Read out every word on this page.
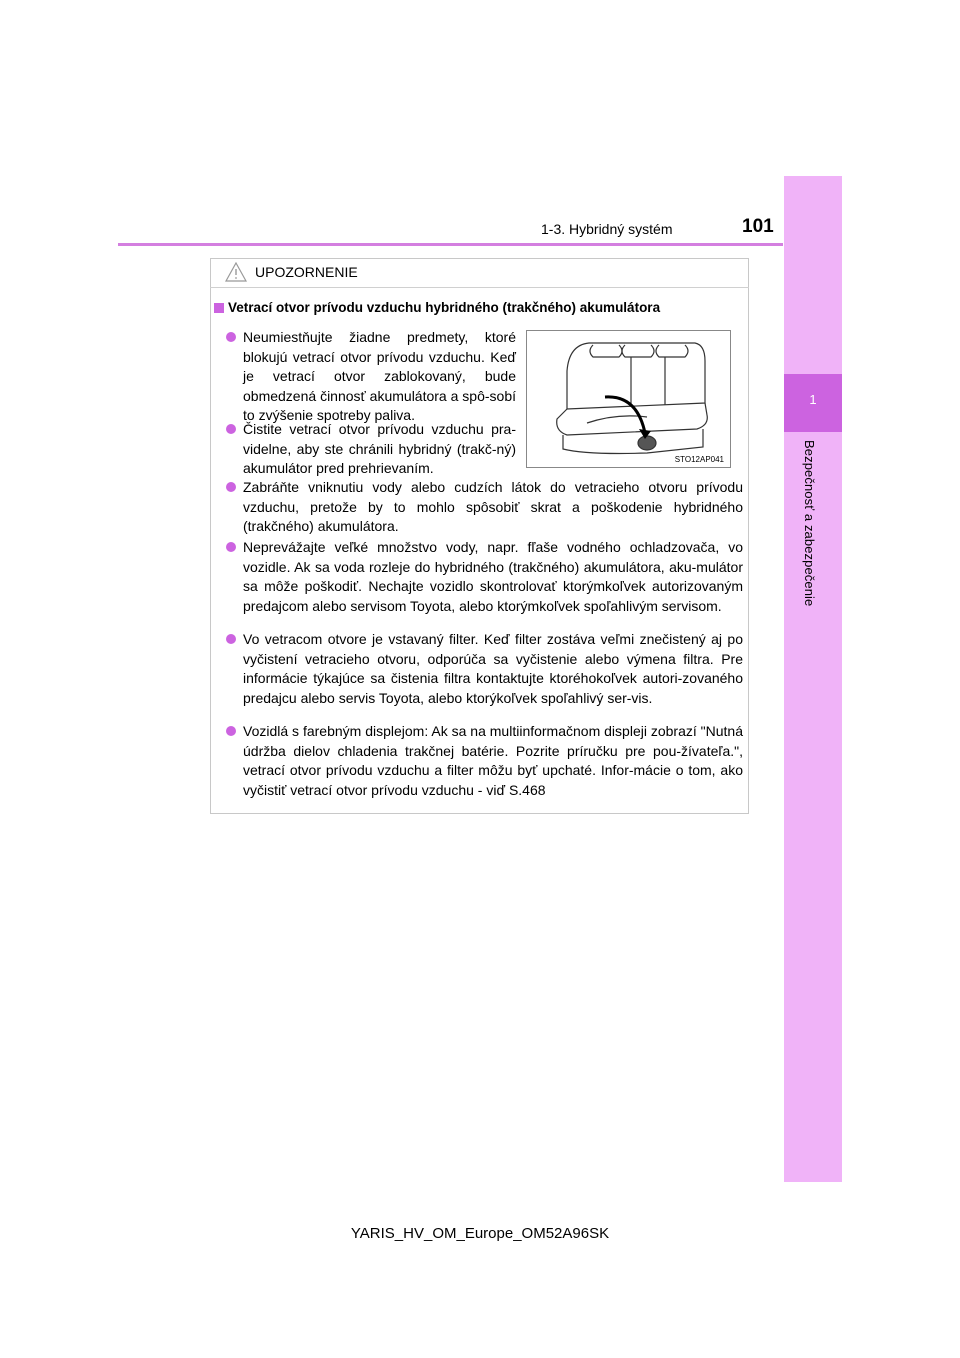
1-3. Hybridný systém	101
1
Bezpečnosť a zabezpečenie
UPOZORNENIE
Vetrací otvor prívodu vzduchu hybridného (trakčného) akumulátora
Neumiestňujte žiadne predmety, ktoré blokujú vetrací otvor prívodu vzduchu. Keď je vetrací otvor zablokovaný, bude obmedzená činnosť akumulátora a spô-sobí to zvýšenie spotreby paliva.
Čistite vetrací otvor prívodu vzduchu pra-videlne, aby ste chránili hybridný (trakč-ný) akumulátor pred prehrievaním.
STO12AP041
Zabráňte vniknutiu vody alebo cudzích látok do vetracieho otvoru prívodu vzduchu, pretože by to mohlo spôsobiť skrat a poškodenie hybridného (trakčného) akumulátora.
Neprevážajte veľké množstvo vody, napr. fľaše vodného ochladzovača, vo vozidle. Ak sa voda rozleje do hybridného (trakčného) akumulátora, aku-mulátor sa môže poškodiť. Nechajte vozidlo skontrolovať ktorýmkoľvek autorizovaným predajcom alebo servisom Toyota, alebo ktorýmkoľvek spoľahlivým servisom.
Vo vetracom otvore je vstavaný filter. Keď filter zostáva veľmi znečistený aj po vyčistení vetracieho otvoru, odporúča sa vyčistenie alebo výmena filtra. Pre informácie týkajúce sa čistenia filtra kontaktujte ktoréhokoľvek autori-zovaného predajcu alebo servis Toyota, alebo ktorýkoľvek spoľahlivý ser-vis.
Vozidlá s farebným displejom: Ak sa na multiinformačnom displeji zobrazí "Nutná údržba dielov chladenia trakčnej batérie. Pozrite príručku pre pou-žívateľa.", vetrací otvor prívodu vzduchu a filter môžu byť upchaté. Infor-mácie o tom, ako vyčistiť vetrací otvor prívodu vzduchu - viď S.468
YARIS_HV_OM_Europe_OM52A96SK
